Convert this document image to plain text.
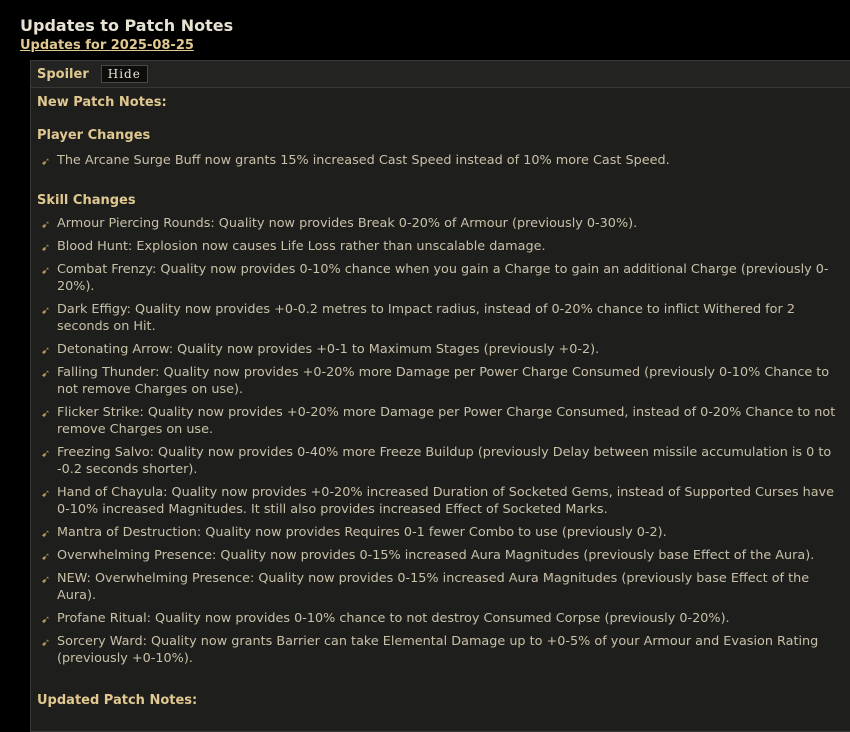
Updates to Patch Notes
Updates for 2025-08-25
Spoiler	Hide
New Patch Notes:
Player Changes
➹ The Arcane Surge Buff now grants 15% increased Cast Speed instead of 10% more Cast Speed.
Skill Changes
➹ Armour Piercing Rounds: Quality now provides Break 0-20% of Armour (previously 0-30%).
➹ Blood Hunt: Explosion now causes Life Loss rather than unscalable damage.
➹ Combat Frenzy: Quality now provides 0-10% chance when you gain a Charge to gain an additional Charge (previously 0-20%).
➹ Dark Effigy: Quality now provides +0-0.2 metres to Impact radius, instead of 0-20% chance to inflict Withered for 2 seconds on Hit.
➹ Detonating Arrow: Quality now provides +0-1 to Maximum Stages (previously +0-2).
➹ Falling Thunder: Quality now provides +0-20% more Damage per Power Charge Consumed (previously 0-10% Chance to not remove Charges on use).
➹ Flicker Strike: Quality now provides +0-20% more Damage per Power Charge Consumed, instead of 0-20% Chance to not remove Charges on use.
➹ Freezing Salvo: Quality now provides 0-40% more Freeze Buildup (previously Delay between missile accumulation is 0 to -0.2 seconds shorter).
➹ Hand of Chayula: Quality now provides +0-20% increased Duration of Socketed Gems, instead of Supported Curses have 0-10% increased Magnitudes. It still also provides increased Effect of Socketed Marks.
➹ Mantra of Destruction: Quality now provides Requires 0-1 fewer Combo to use (previously 0-2).
➹ Overwhelming Presence: Quality now provides 0-15% increased Aura Magnitudes (previously base Effect of the Aura).
➹ NEW: Overwhelming Presence: Quality now provides 0-15% increased Aura Magnitudes (previously base Effect of the Aura).
➹ Profane Ritual: Quality now provides 0-10% chance to not destroy Consumed Corpse (previously 0-20%).
➹ Sorcery Ward: Quality now grants Barrier can take Elemental Damage up to +0-5% of your Armour and Evasion Rating (previously +0-10%).
Updated Patch Notes:
